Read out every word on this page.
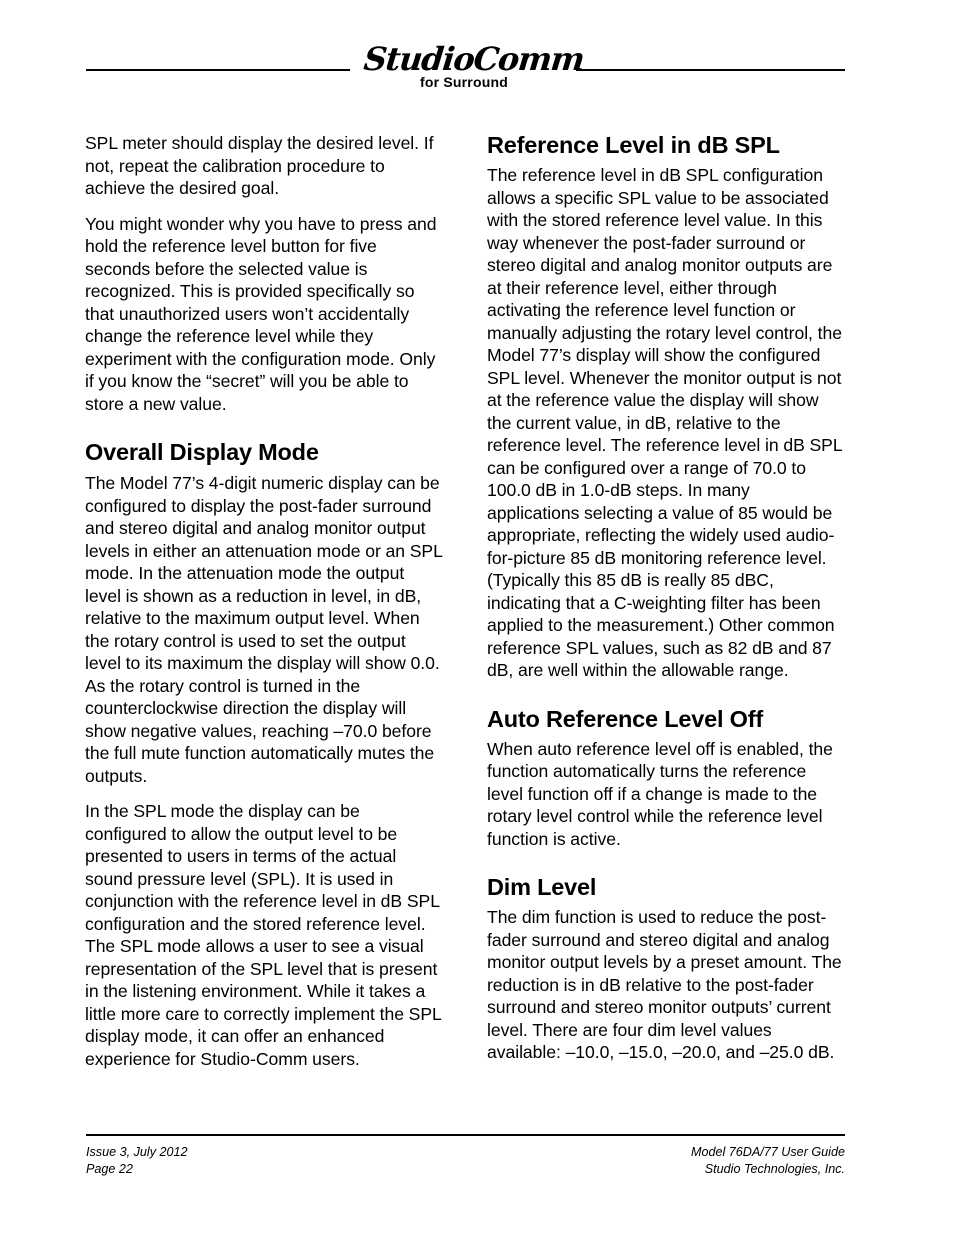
StudioComm
for Surround

SPL meter should display the desired level. If not, repeat the calibration procedure to achieve the desired goal.

You might wonder why you have to press and hold the reference level button for five seconds before the selected value is recognized. This is provided specifically so that unauthorized users won’t accidentally change the reference level while they experiment with the configuration mode. Only if you know the “secret” will you be able to store a new value.

Overall Display Mode

The Model 77’s 4-digit numeric display can be configured to display the post-fader surround and stereo digital and analog monitor output levels in either an attenuation mode or an SPL mode. In the attenuation mode the output level is shown as a reduction in level, in dB, relative to the maximum output level. When the rotary control is used to set the output level to its maximum the display will show 0.0. As the rotary control is turned in the counterclockwise direction the display will show negative values, reaching –70.0 before the full mute function automatically mutes the outputs.

In the SPL mode the display can be configured to allow the output level to be presented to users in terms of the actual sound pressure level (SPL). It is used in conjunction with the reference level in dB SPL configuration and the stored reference level. The SPL mode allows a user to see a visual representation of the SPL level that is present in the listening environment. While it takes a little more care to correctly implement the SPL display mode, it can offer an enhanced experience for Studio-Comm users.

Reference Level in dB SPL

The reference level in dB SPL configuration allows a specific SPL value to be associated with the stored reference level value. In this way whenever the post-fader surround or stereo digital and analog monitor outputs are at their reference level, either through activating the reference level function or manually adjusting the rotary level control, the Model 77’s display will show the configured SPL level. Whenever the monitor output is not at the reference value the display will show the current value, in dB, relative to the reference level. The reference level in dB SPL can be configured over a range of 70.0 to 100.0 dB in 1.0-dB steps. In many applications selecting a value of 85 would be appropriate, reflecting the widely used audio-for-picture 85 dB monitoring reference level. (Typically this 85 dB is really 85 dBC, indicating that a C-weighting filter has been applied to the measurement.) Other common reference SPL values, such as 82 dB and 87 dB, are well within the allowable range.

Auto Reference Level Off

When auto reference level off is enabled, the function automatically turns the reference level function off if a change is made to the rotary level control while the reference level function is active.

Dim Level

The dim function is used to reduce the post-fader surround and stereo digital and analog monitor output levels by a preset amount. The reduction is in dB relative to the post-fader surround and stereo monitor outputs’ current level. There are four dim level values available: –10.0, –15.0, –20.0, and –25.0 dB.

Issue 3, July 2012
Page 22
Model 76DA/77 User Guide
Studio Technologies, Inc.
